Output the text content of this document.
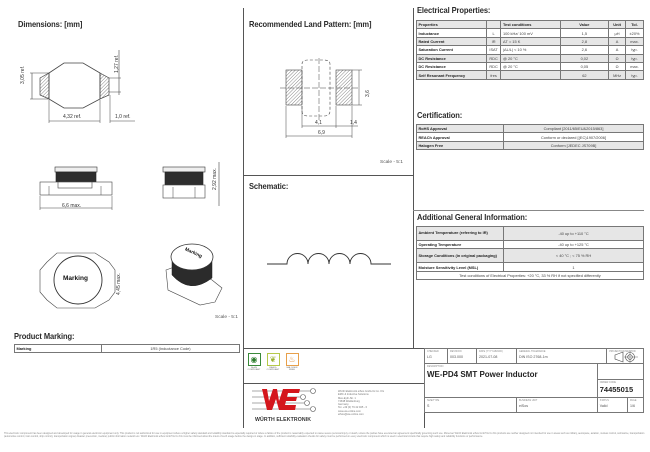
Dimensions: [mm]
3,05 ref.
1,27 ref.
4,32 ref.	1,0 ref.
6,6 max.
2,92 max.
Marking	4,45 max.
Marking
Scale - 5:1
Recommended Land Pattern: [mm]
4,1	1,4
6,9
3,6
Scale - 5:1
Schematic:
Electrical Properties:
Properties		Test conditions	Value	Unit	Tol.
Inductance	L	100 kHz/ 100 mV	1,5	µH	±20%
Rated Current	IR	ΔT = 15 K	2,8	A	max.
Saturation Current	ISAT	|ΔL/L| < 10 %	2,6	A	typ.
DC Resistance	RDC	@ 20 °C	0,02	Ω	typ.
DC Resistance	RDC	@ 20 °C	0,05	Ω	max.
Self Resonant Frequency	fres		62	MHz	typ.
Certification:
RoHS Approval	Compliant [2011/65/EU&2015/863]
REACh Approval	Conform or declared [(EC)1907/2006]
Halogen Free	Conform [JEDEC JS709B]
Additional General Information:
Ambient Temperature (referring to IR)	-40 up to +110 °C
Operating Temperature	-40 up to +125 °C
Storage Conditions (in original packaging)	< 40 °C ; < 75 % RH
Moisture Sensitivity Level (MSL)	1
Test conditions of Electrical Properties: +20 °C, 33 % RH if not specified differently	
Product Marking:
Marking	1R5 (Inductance Code)
◉
RoHS COMPLIANT
❦
REACh COMPLIANT
♨
HALOGEN FREE
WÜRTH ELEKTRONIK
Würth Elektronik eiSos GmbH & Co. KG
EMC & Inductive Solutions
Max-Eyth-Str. 1
74638 Waldenburg
Germany
Tel. +49 (0) 79 42 945 - 0
www.we-online.com
eiSos@we-online.com
CHECKED
LG	REVISION
003.000	DATE (YYYY-MM-DD)
2021-07-08	GENERAL TOLERANCE
DIN ISO 2768-1m		PROJECTION METHOD	

DESCRIPTION
WE-PD4 SMT Power Inductor						

				ORDER CODE
74455015		

SIZE/TYPE
S			BUSINESS UNIT
eiSos	STATUS
Valid		PAGE
1/6
This electronic component has been designed and developed for usage in general electronic equipment only. This product is not authorized for use in equipment where a higher safety standard and reliability standard is especially required or where a failure of the product is reasonably expected to cause severe personal injury or death, unless the parties have executed an agreement specifically governing such use. Moreover Würth Elektronik eiSos GmbH & Co KG products are neither designed nor intended for use in areas such as military, aerospace, aviation, nuclear control, submarine, transportation (automotive control, train control, ship control), transportation signal, disaster prevention, medical, public information network etc. Würth Elektronik eiSos GmbH & Co KG must be informed about the intent of such usage before the design-in stage. In addition, sufficient reliability evaluation checks for safety must be performed on every electronic component which is used in electrical circuits that require high safety and reliability functions or performance.
